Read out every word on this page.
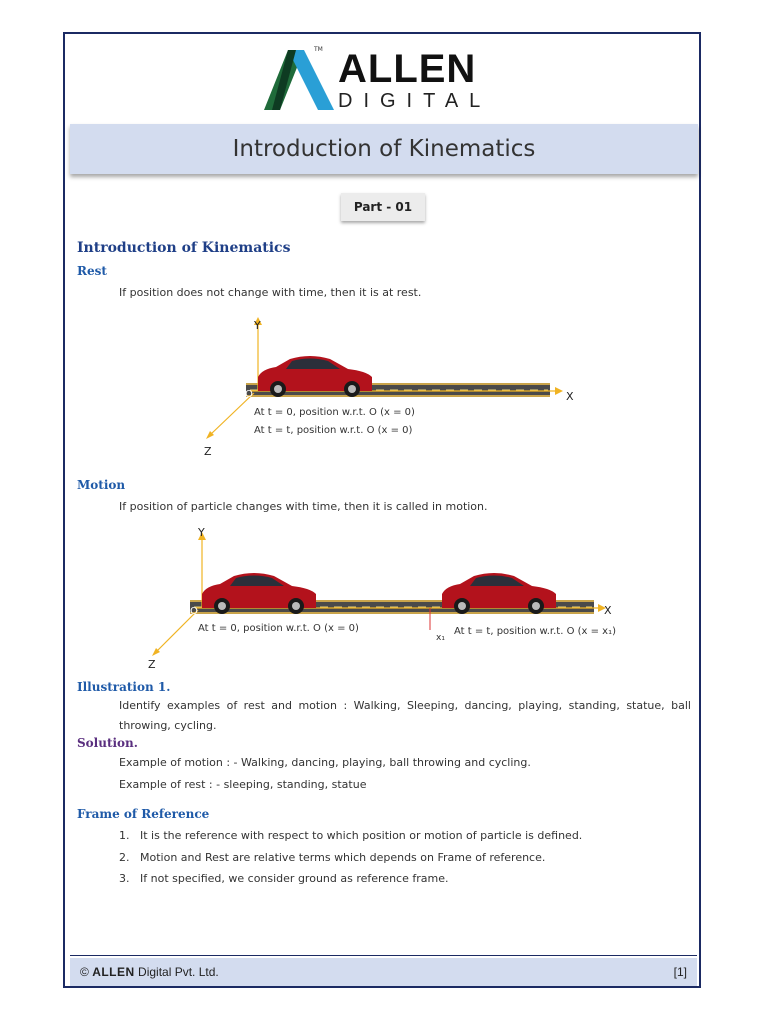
TM ALLEN
DIGITAL
Introduction of Kinematics
Part - 01
Introduction of Kinematics
Rest
If position does not change with time, then it is at rest.
Y
X
Z
O
At t = 0, position w.r.t. O (x = 0)
At t = t, position w.r.t. O (x = 0)
Motion
If position of particle changes with time, then it is called in motion.
Y
X
Z
O
At t = 0, position w.r.t. O (x = 0)	At t = t, position w.r.t. O (x = x₁)
x₁
Illustration 1.
Identify examples of rest and motion : Walking, Sleeping, dancing, playing, standing, statue, ball throwing, cycling.
Solution.
Example of motion : - Walking, dancing, playing, ball throwing and cycling.
Example of rest : - sleeping, standing, statue
Frame of Reference
1. It is the reference with respect to which position or motion of particle is defined.
2. Motion and Rest are relative terms which depends on Frame of reference.
3. If not specified, we consider ground as reference frame.
© ALLEN Digital Pvt. Ltd.	[1]
